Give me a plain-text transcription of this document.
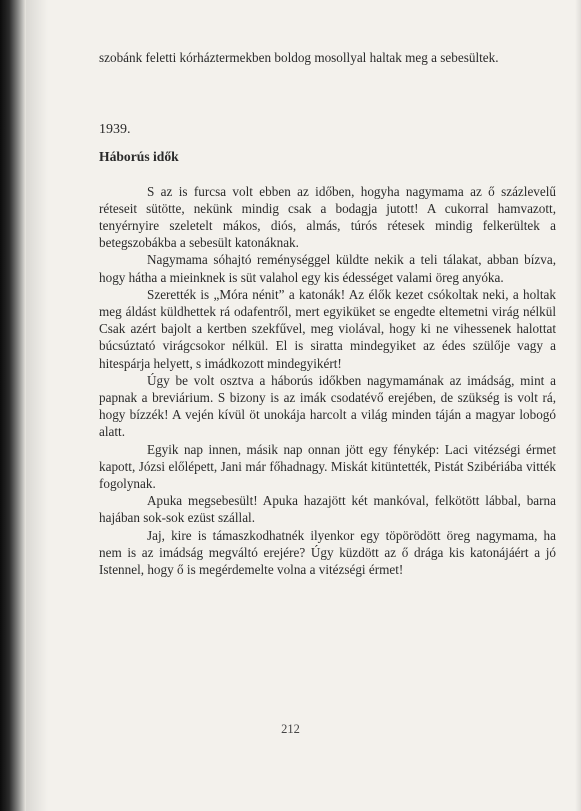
szobánk feletti kórháztermekben boldog mosollyal haltak meg a sebesültek.

1939.

Háborús idők

S az is furcsa volt ebben az időben, hogyha nagymama az ő százlevelű réteseit sütötte, nekünk mindig csak a bodagja jutott! A cukorral hamvazott, tenyérnyire szeletelt mákos, diós, almás, túrós rétesek mindig felkerültek a betegszobákba a sebesült katonáknak.

Nagymama sóhajtó reménységgel küldte nekik a teli tálakat, abban bízva, hogy hátha a mieinknek is süt valahol egy kis édességet valami öreg anyóka.

Szerették is „Móra nénit” a katonák! Az élők kezet csókoltak neki, a holtak meg áldást küldhettek rá odafentről, mert egyiküket se engedte eltemetni virág nélkül Csak azért bajolt a kertben szekfűvel, meg violával, hogy ki ne vihessenek halottat búcsúztató virágcsokor nélkül. El is siratta mindegyiket az édes szülője vagy a hitespárja helyett, s imádkozott mindegyikért!

Úgy be volt osztva a háborús időkben nagymamának az imádság, mint a papnak a breviárium. S bizony is az imák csodatévő erejében, de szükség is volt rá, hogy bízzék! A vején kívül öt unokája harcolt a világ minden táján a magyar lobogó alatt.

Egyik nap innen, másik nap onnan jött egy fénykép: Laci vitézségi érmet kapott, Józsi előlépett, Jani már főhadnagy. Miskát kitüntették, Pistát Szibériába vitték fogolynak.

Apuka megsebesült! Apuka hazajött két mankóval, felkötött lábbal, barna hajában sok-sok ezüst szállal.

Jaj, kire is támaszkodhatnék ilyenkor egy töpörödött öreg nagymama, ha nem is az imádság megváltó erejére? Úgy küzdött az ő drága kis katonájáért a jó Istennel, hogy ő is megérdemelte volna a vitézségi érmet!

212
